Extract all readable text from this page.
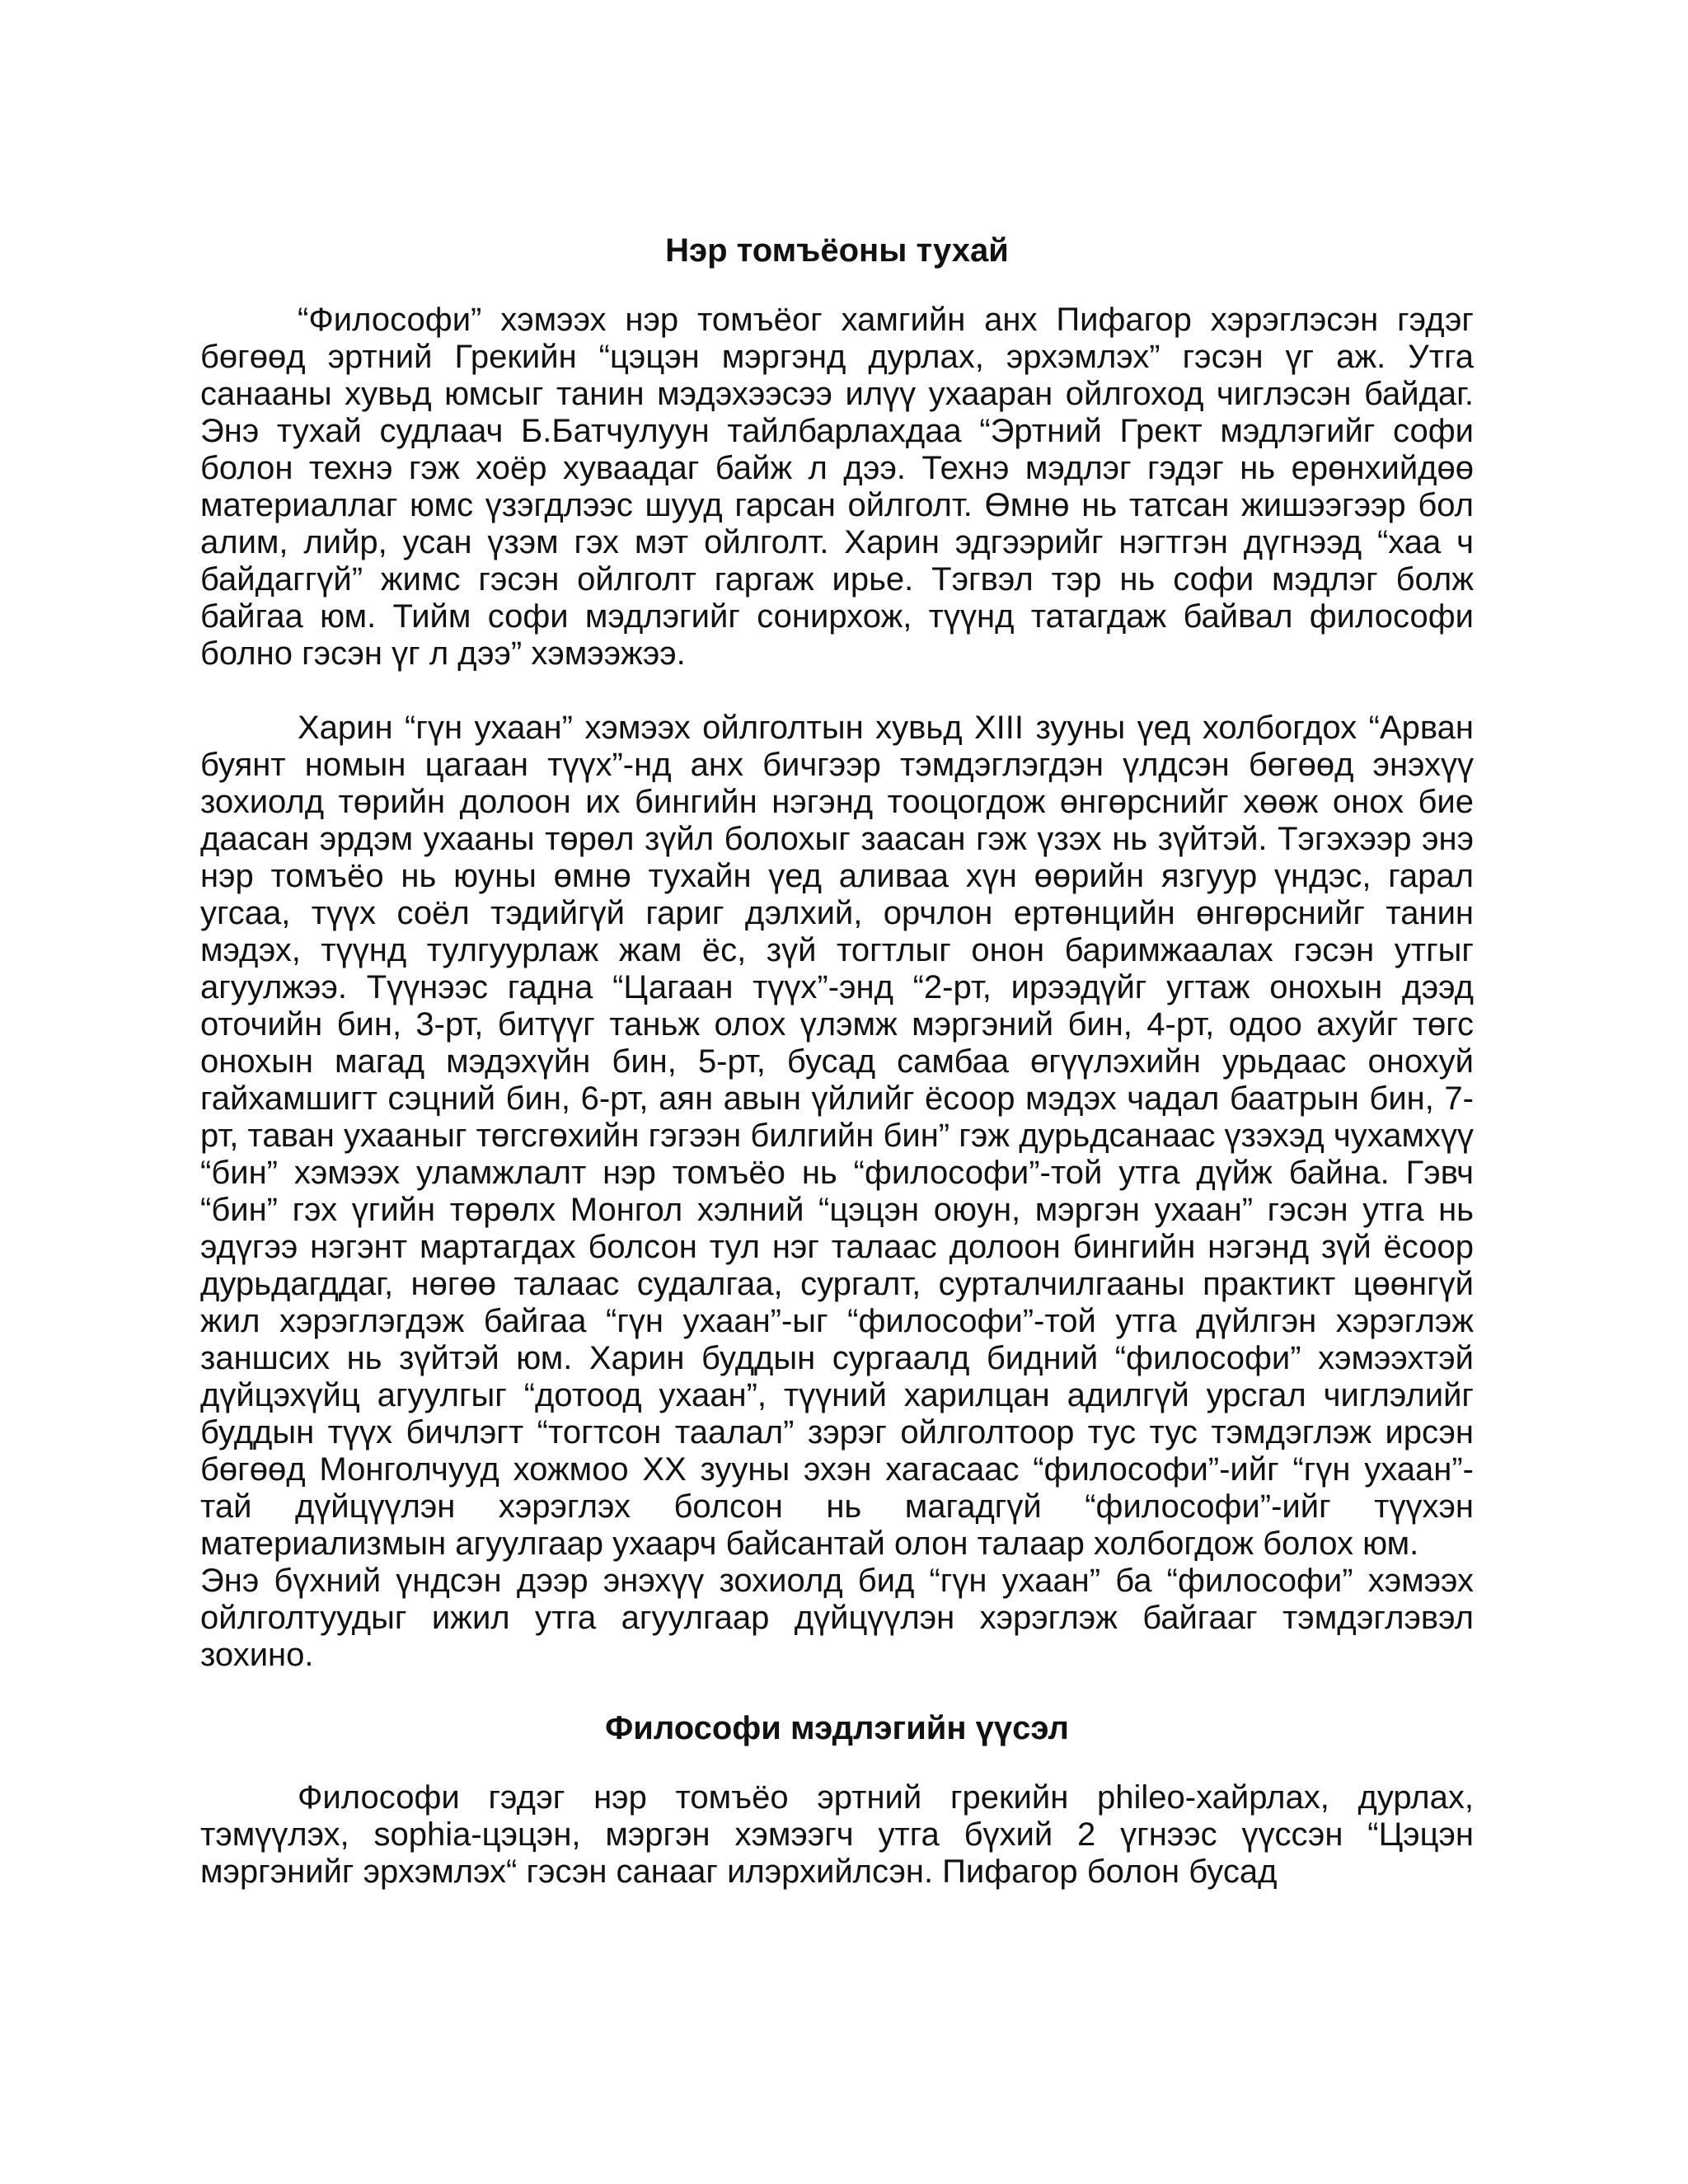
Нэр томъёоны тухай

“Философи” хэмээх нэр томъёог хамгийн анх Пифагор хэрэглэсэн гэдэг бөгөөд эртний Грекийн “цэцэн мэргэнд дурлах, эрхэмлэх” гэсэн үг аж. Утга санааны хувьд юмсыг танин мэдэхээсээ илүү ухааран ойлгоход чиглэсэн байдаг. Энэ тухай судлаач Б.Батчулуун тайлбарлахдаа “Эртний Грект мэдлэгийг софи болон технэ гэж хоёр хуваадаг байж л дээ. Технэ мэдлэг гэдэг нь ерөнхийдөө материаллаг юмс үзэгдлээс шууд гарсан ойлголт. Өмнө нь татсан жишээгээр бол алим, лийр, усан үзэм гэх мэт ойлголт. Харин эдгээрийг нэгтгэн дүгнээд “хаа ч байдаггүй” жимс гэсэн ойлголт гаргаж ирье. Тэгвэл тэр нь софи мэдлэг болж байгаа юм. Тийм софи мэдлэгийг сонирхож, түүнд татагдаж байвал философи болно гэсэн үг л дээ” хэмээжээ.

Харин “гүн ухаан” хэмээх ойлголтын хувьд XIII зууны үед холбогдох “Арван буянт номын цагаан түүх”-нд анх бичгээр тэмдэглэгдэн үлдсэн бөгөөд энэхүү зохиолд төрийн долоон их бингийн нэгэнд тооцогдож өнгөрснийг хөөж онох бие даасан эрдэм ухааны төрөл зүйл болохыг заасан гэж үзэх нь зүйтэй. Тэгэхээр энэ нэр томъёо нь юуны өмнө тухайн үед аливаа хүн өөрийн язгуур үндэс, гарал угсаа, түүх соёл тэдийгүй гариг дэлхий, орчлон ертөнцийн өнгөрснийг танин мэдэх, түүнд тулгуурлаж жам ёс, зүй тогтлыг онон баримжаалах гэсэн утгыг агуулжээ. Түүнээс гадна “Цагаан түүх”-энд “2-рт, ирээдүйг угтаж онохын дээд оточийн бин, 3-рт, битүүг таньж олох үлэмж мэргэний бин, 4-рт, одоо ахуйг төгс онохын магад мэдэхүйн бин, 5-рт, бусад самбаа өгүүлэхийн урьдаас онохуй гайхамшигт сэцний бин, 6-рт, аян авын үйлийг ёсоор мэдэх чадал баатрын бин, 7-рт, таван ухааныг төгсгөхийн гэгээн билгийн бин” гэж дурьдсанаас үзэхэд чухамхүү “бин” хэмээх уламжлалт нэр томъёо нь “философи”-той утга дүйж байна. Гэвч “бин” гэх үгийн төрөлх Монгол хэлний “цэцэн оюун, мэргэн ухаан” гэсэн утга нь эдүгээ нэгэнт мартагдах болсон тул нэг талаас долоон бингийн нэгэнд зүй ёсоор дурьдагддаг, нөгөө талаас судалгаа, сургалт, сурталчилгааны практикт цөөнгүй жил хэрэглэгдэж байгаа “гүн ухаан”-ыг “философи”-той утга дүйлгэн хэрэглэж заншсих нь зүйтэй юм. Харин буддын сургаалд бидний “философи” хэмээхтэй дүйцэхүйц агуулгыг “дотоод ухаан”, түүний харилцан адилгүй урсгал чиглэлийг буддын түүх бичлэгт “тогтсон таалал” зэрэг ойлголтоор тус тус тэмдэглэж ирсэн бөгөөд Монголчууд хожмоо XX зууны эхэн хагасаас “философи”-ийг “гүн ухаан”-тай дүйцүүлэн хэрэглэх болсон нь магадгүй “философи”-ийг түүхэн материализмын агуулгаар ухаарч байсантай олон талаар холбогдож болох юм.

Энэ бүхний үндсэн дээр энэхүү зохиолд бид “гүн ухаан” ба “философи” хэмээх ойлголтуудыг ижил утга агуулгаар дүйцүүлэн хэрэглэж байгааг тэмдэглэвэл зохино.

Философи мэдлэгийн үүсэл

Философи гэдэг нэр томъёо эртний грекийн phileo-хайрлах, дурлах, тэмүүлэх, sophia-цэцэн, мэргэн хэмээгч утга бүхий 2 үгнээс үүссэн “Цэцэн мэргэнийг эрхэмлэх“ гэсэн санааг илэрхийлсэн. Пифагор болон бусад
